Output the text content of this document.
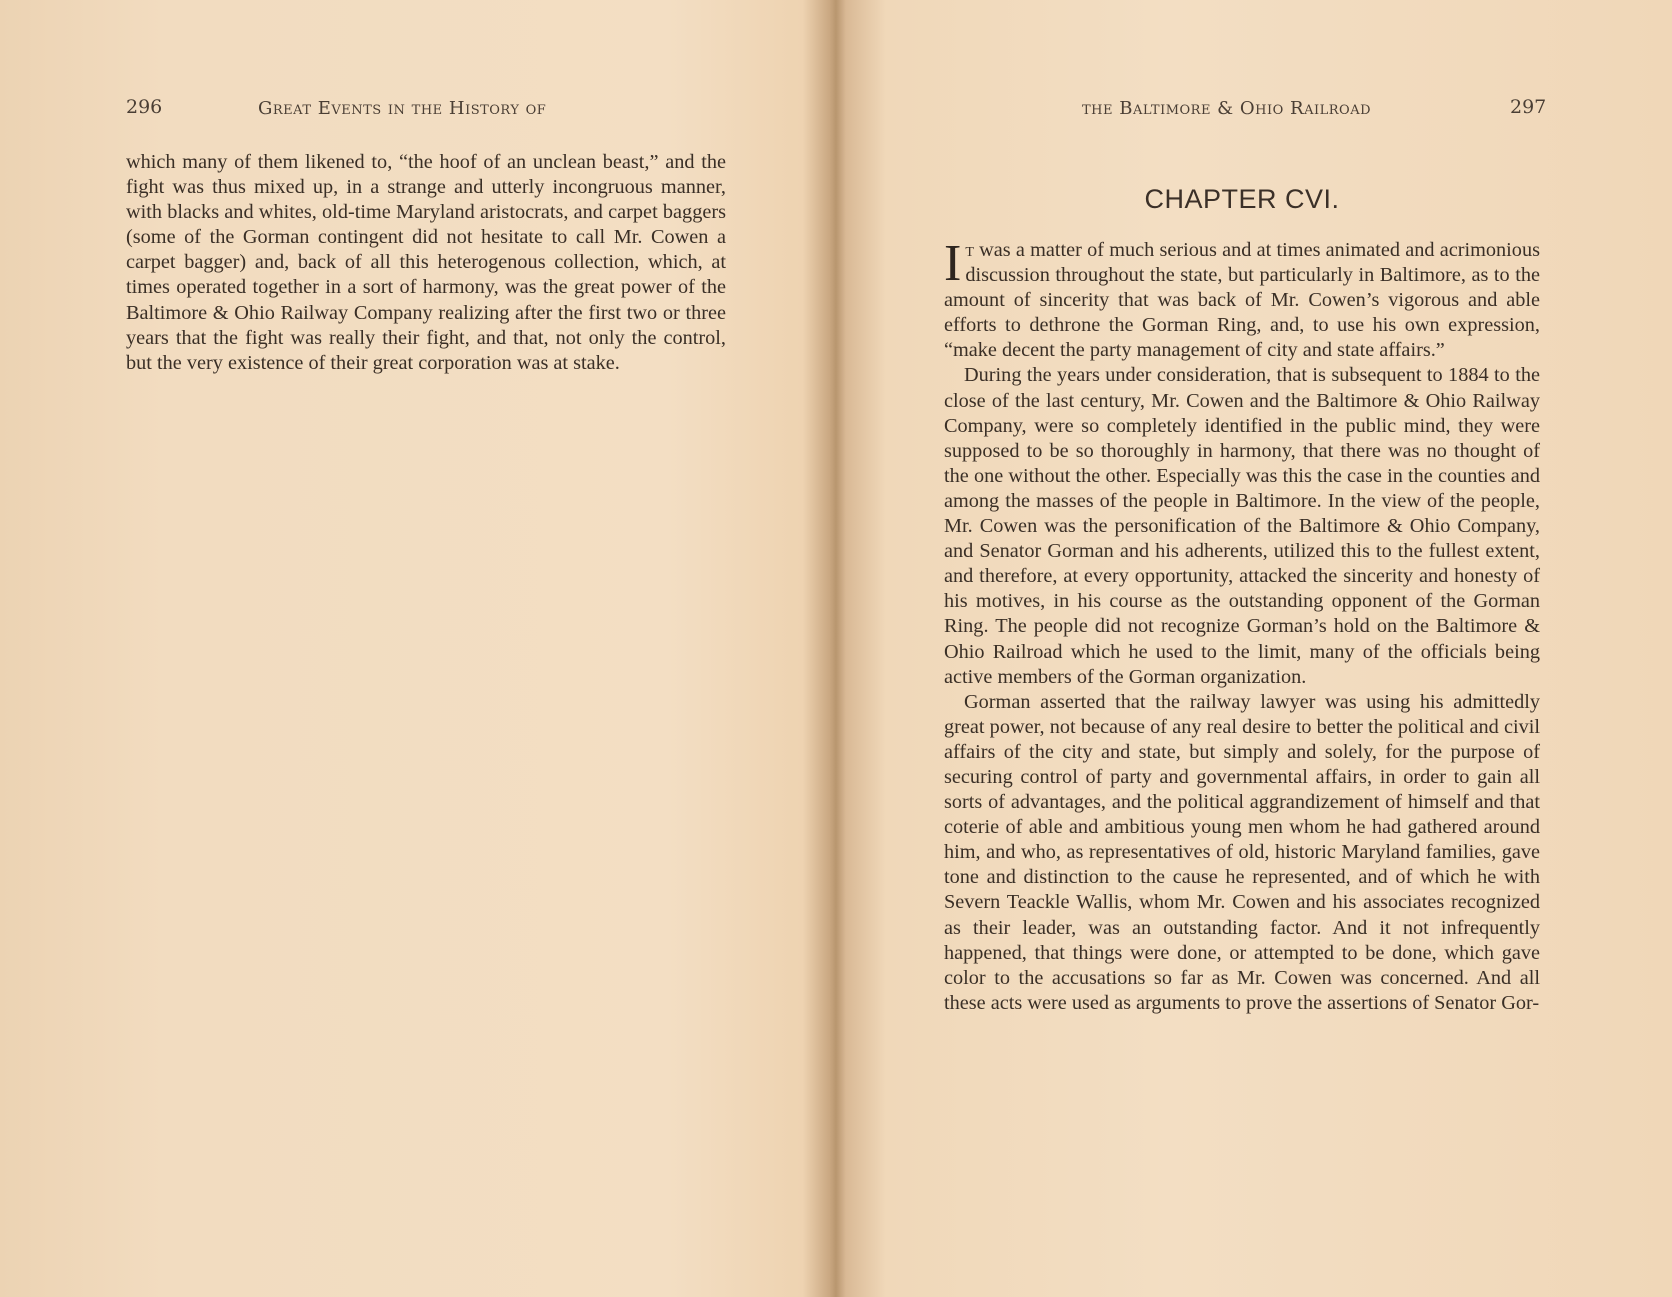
296	Great Events in the History of

which many of them likened to, “the hoof of an unclean beast,” and the fight was thus mixed up, in a strange and utterly incongruous manner, with blacks and whites, old-time Maryland aristocrats, and carpet baggers (some of the Gorman contingent did not hesitate to call Mr. Cowen a carpet bagger) and, back of all this heterogenous collection, which, at times operated together in a sort of harmony, was the great power of the Baltimore & Ohio Railway Company realizing after the first two or three years that the fight was really their fight, and that, not only the control, but the very existence of their great corporation was at stake.

the Baltimore & Ohio Railroad	297
CHAPTER CVI.

It was a matter of much serious and at times animated and acrimonious discussion throughout the state, but particularly in Baltimore, as to the amount of sincerity that was back of Mr. Cowen’s vigorous and able efforts to dethrone the Gorman Ring, and, to use his own expression, “make decent the party management of city and state affairs.”

During the years under consideration, that is subsequent to 1884 to the close of the last century, Mr. Cowen and the Baltimore & Ohio Railway Company, were so completely identified in the public mind, they were supposed to be so thoroughly in harmony, that there was no thought of the one without the other. Especially was this the case in the counties and among the masses of the people in Baltimore. In the view of the people, Mr. Cowen was the personification of the Baltimore & Ohio Company, and Senator Gorman and his adherents, utilized this to the fullest extent, and therefore, at every opportunity, attacked the sincerity and honesty of his motives, in his course as the outstanding opponent of the Gorman Ring. The people did not recognize Gorman’s hold on the Baltimore & Ohio Railroad which he used to the limit, many of the officials being active members of the Gorman organization.

Gorman asserted that the railway lawyer was using his admittedly great power, not because of any real desire to better the political and civil affairs of the city and state, but simply and solely, for the purpose of securing control of party and governmental affairs, in order to gain all sorts of advantages, and the political aggrandizement of himself and that coterie of able and ambitious young men whom he had gathered around him, and who, as representatives of old, historic Maryland families, gave tone and distinction to the cause he represented, and of which he with Severn Teackle Wallis, whom Mr. Cowen and his associates recognized as their leader, was an outstanding factor. And it not infrequently happened, that things were done, or attempted to be done, which gave color to the accusations so far as Mr. Cowen was concerned. And all these acts were used as arguments to prove the assertions of Senator Gor-
